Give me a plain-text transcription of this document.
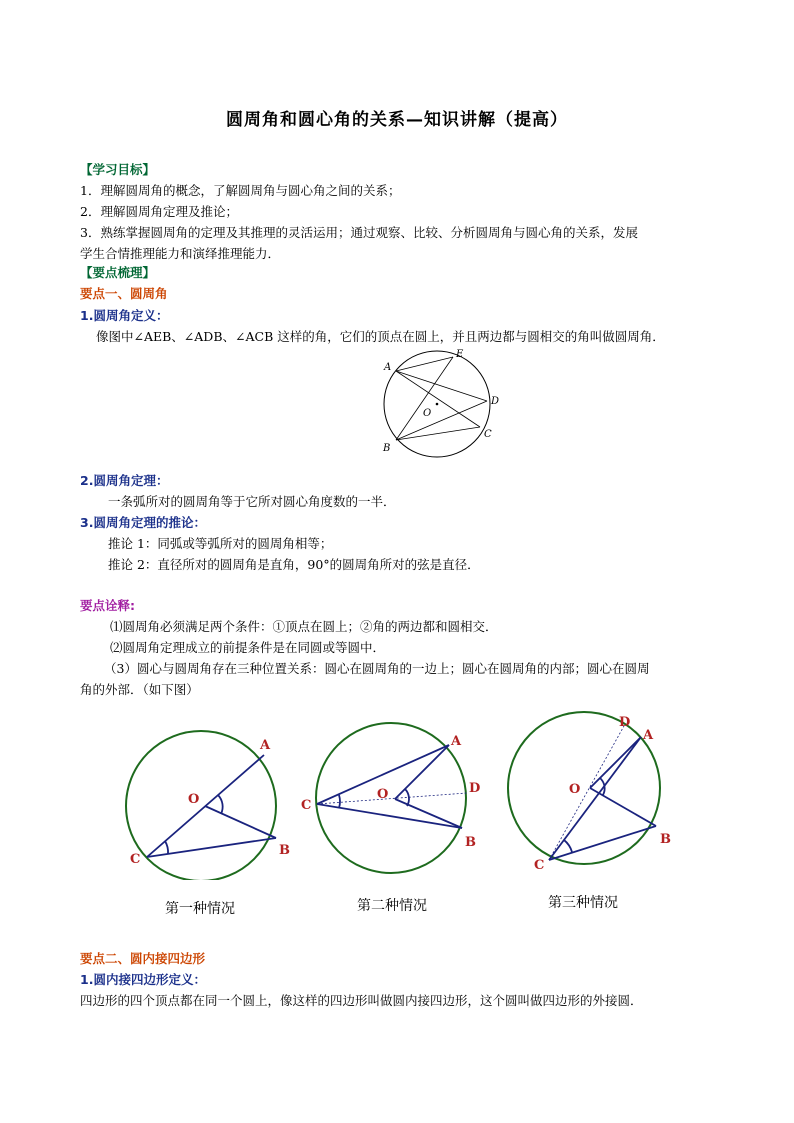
圆周角和圆心角的关系—知识讲解（提高）
【学习目标】
1．理解圆周角的概念，了解圆周角与圆心角之间的关系；
2．理解圆周角定理及推论；
3．熟练掌握圆周角的定理及其推理的灵活运用；通过观察、比较、分析圆周角与圆心角的关系，发展
学生合情推理能力和演绎推理能力．
【要点梳理】
要点一、圆周角
1.圆周角定义：
像图中∠AEB、∠ADB、∠ACB 这样的角，它们的顶点在圆上，并且两边都与圆相交的角叫做圆周角．
A
E
D
C
B
O
2.圆周角定理：
一条弧所对的圆周角等于它所对圆心角度数的一半．
3.圆周角定理的推论：
推论 1：同弧或等弧所对的圆周角相等；
推论 2：直径所对的圆周角是直角，90°的圆周角所对的弦是直径．
要点诠释:
⑴圆周角必须满足两个条件：①顶点在圆上；②角的两边都和圆相交．
⑵圆周角定理成立的前提条件是在同圆或等圆中．
（3）圆心与圆周角存在三种位置关系：圆心在圆周角的一边上；圆心在圆周角的内部；圆心在圆周
角的外部．（如下图）
A
O
B
C
A
O	D
B
C
D
A
O
B
C
第一种情况	第二种情况	第三种情况
要点二、圆内接四边形
1.圆内接四边形定义：
四边形的四个顶点都在同一个圆上，像这样的四边形叫做圆内接四边形，这个圆叫做四边形的外接圆．
